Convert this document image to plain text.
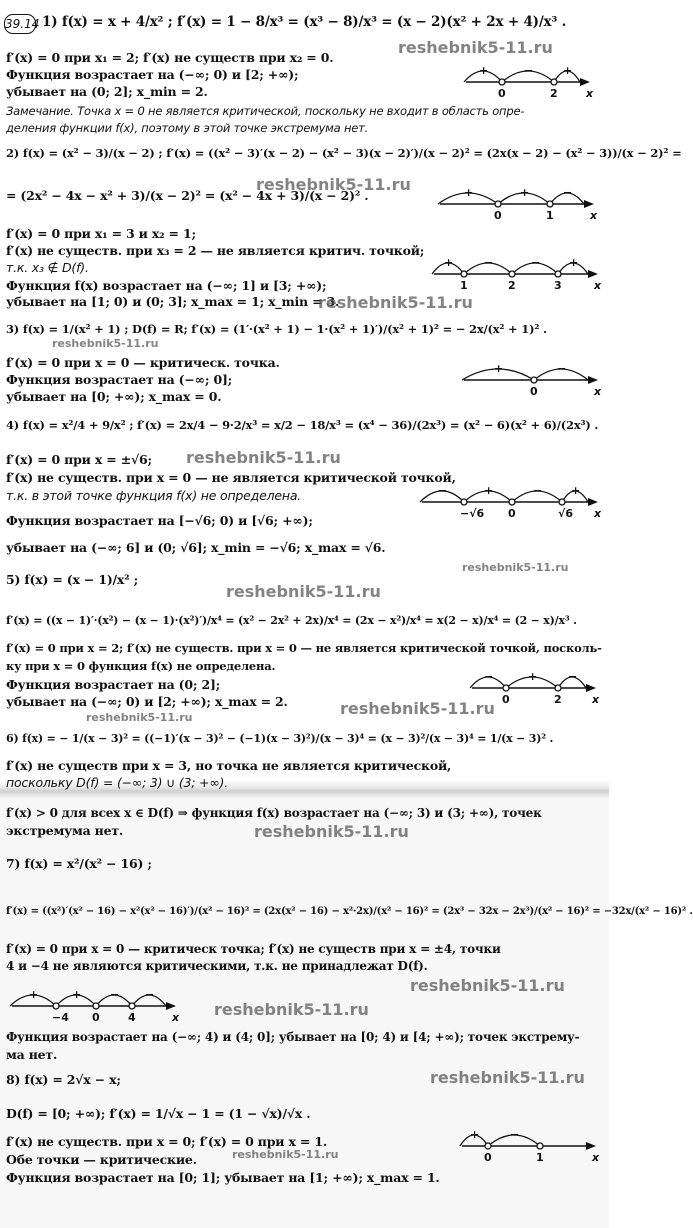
39.14 1) f(x) = x + 4/x² ; f′(x) = 1 − 8/x³ = (x³ − 8)/x³ = (x − 2)(x² + 2x + 4)/x³ .
f′(x) = 0 при x₁ = 2; f′(x) не существ при x₂ = 0.
Функция возрастает на (−∞; 0) и [2; +∞);
убывает на (0; 2]; x_min = 2.
Замечание. Точка x = 0 не является критической, поскольку не входит в область опре-
деления функции f(x), поэтому в этой точке экстремума нет.
2) f(x) = (x² − 3)/(x − 2) ; f′(x) = ((x² − 3)′(x − 2) − (x² − 3)(x − 2)′)/(x − 2)² = (2x(x − 2) − (x² − 3))/(x − 2)² =
= (2x² − 4x − x² + 3)/(x − 2)² = (x² − 4x + 3)/(x − 2)² .
f′(x) = 0 при x₁ = 3 и x₂ = 1;
f′(x) не существ. при x₃ = 2 — не является критич. точкой;
т.к. x₃ ∉ D(f).
Функция f(x) возрастает на (−∞; 1] и [3; +∞);
убывает на [1; 0) и (0; 3]; x_max = 1; x_min = 3.
3) f(x) = 1/(x² + 1) ; D(f) = R; f′(x) = (1′·(x² + 1) − 1·(x² + 1)′)/(x² + 1)² = − 2x/(x² + 1)² .
f′(x) = 0 при x = 0 — критическ. точка.
Функция возрастает на (−∞; 0];
убывает на [0; +∞); x_max = 0.
4) f(x) = x²/4 + 9/x² ; f′(x) = 2x/4 − 9·2/x³ = x/2 − 18/x³ = (x⁴ − 36)/(2x³) = (x² − 6)(x² + 6)/(2x³) .
f′(x) = 0 при x = ±√6;
f′(x) не существ. при x = 0 — не является критической точкой,
т.к. в этой точке функция f(x) не определена.
Функция возрастает на [−√6; 0) и [√6; +∞);
убывает на (−∞; 6] и (0; √6]; x_min = −√6; x_max = √6.
5) f(x) = (x − 1)/x² ;
f′(x) = ((x − 1)′·(x²) − (x − 1)·(x²)′)/x⁴ = (x² − 2x² + 2x)/x⁴ = (2x − x²)/x⁴ = x(2 − x)/x⁴ = (2 − x)/x³ .
f′(x) = 0 при x = 2; f′(x) не существ. при x = 0 — не является критической точкой, посколь-
ку при x = 0 функция f(x) не определена.
Функция возрастает на (0; 2];
убывает на (−∞; 0) и [2; +∞); x_max = 2.
6) f(x) = − 1/(x − 3)² = ((−1)′(x − 3)² − (−1)(x − 3)²)/(x − 3)⁴ = (x − 3)²/(x − 3)⁴ = 1/(x − 3)² .
f′(x) не существ при x = 3, но точка не является критической,
поскольку D(f) = (−∞; 3) ∪ (3; +∞).
f′(x) > 0 для всех x ∈ D(f) ⇒ функция f(x) возрастает на (−∞; 3) и (3; +∞), точек
экстремума нет.
7) f(x) = x²/(x² − 16) ;
f′(x) = ((x²)′(x² − 16) − x²(x² − 16)′)/(x² − 16)² = (2x(x² − 16) − x²·2x)/(x² − 16)² = (2x³ − 32x − 2x³)/(x² − 16)² = −32x/(x² − 16)² .
f′(x) = 0 при x = 0 — критическ точка; f′(x) не существ при x = ±4, точки
4 и −4 не являются критическими, т.к. не принадлежат D(f).
Функция возрастает на (−∞; 4) и (4; 0]; убывает на [0; 4) и [4; +∞); точек экстрему-
ма нет.
8) f(x) = 2√x − x;
D(f) = [0; +∞); f′(x) = 1/√x − 1 = (1 − √x)/√x .
f′(x) не существ. при x = 0; f′(x) = 0 при x = 1.
Обе точки — критические.
Функция возрастает на [0; 1]; убывает на [1; +∞); x_max = 1.
reshebnik5-11.ru
reshebnik5-11.ru
reshebnik5-11.ru
reshebnik5-11.ru
reshebnik5-11.ru
reshebnik5-11.ru
reshebnik5-11.ru
reshebnik5-11.ru
reshebnik5-11.ru
reshebnik5-11.ru
reshebnik5-11.ru
reshebnik5-11.ru
reshebnik5-11.ru
reshebnik5-11.ru
x
+	−	+
0	2
x
+	+	−
0	1
x
+	−	−	+
1	2	3
x
+	−
0
x
−	+	−	+
−√6 0	√6
x
−	+	−
0	2
x
+	+	− −
−4 0	4
x
+	−
0	1
